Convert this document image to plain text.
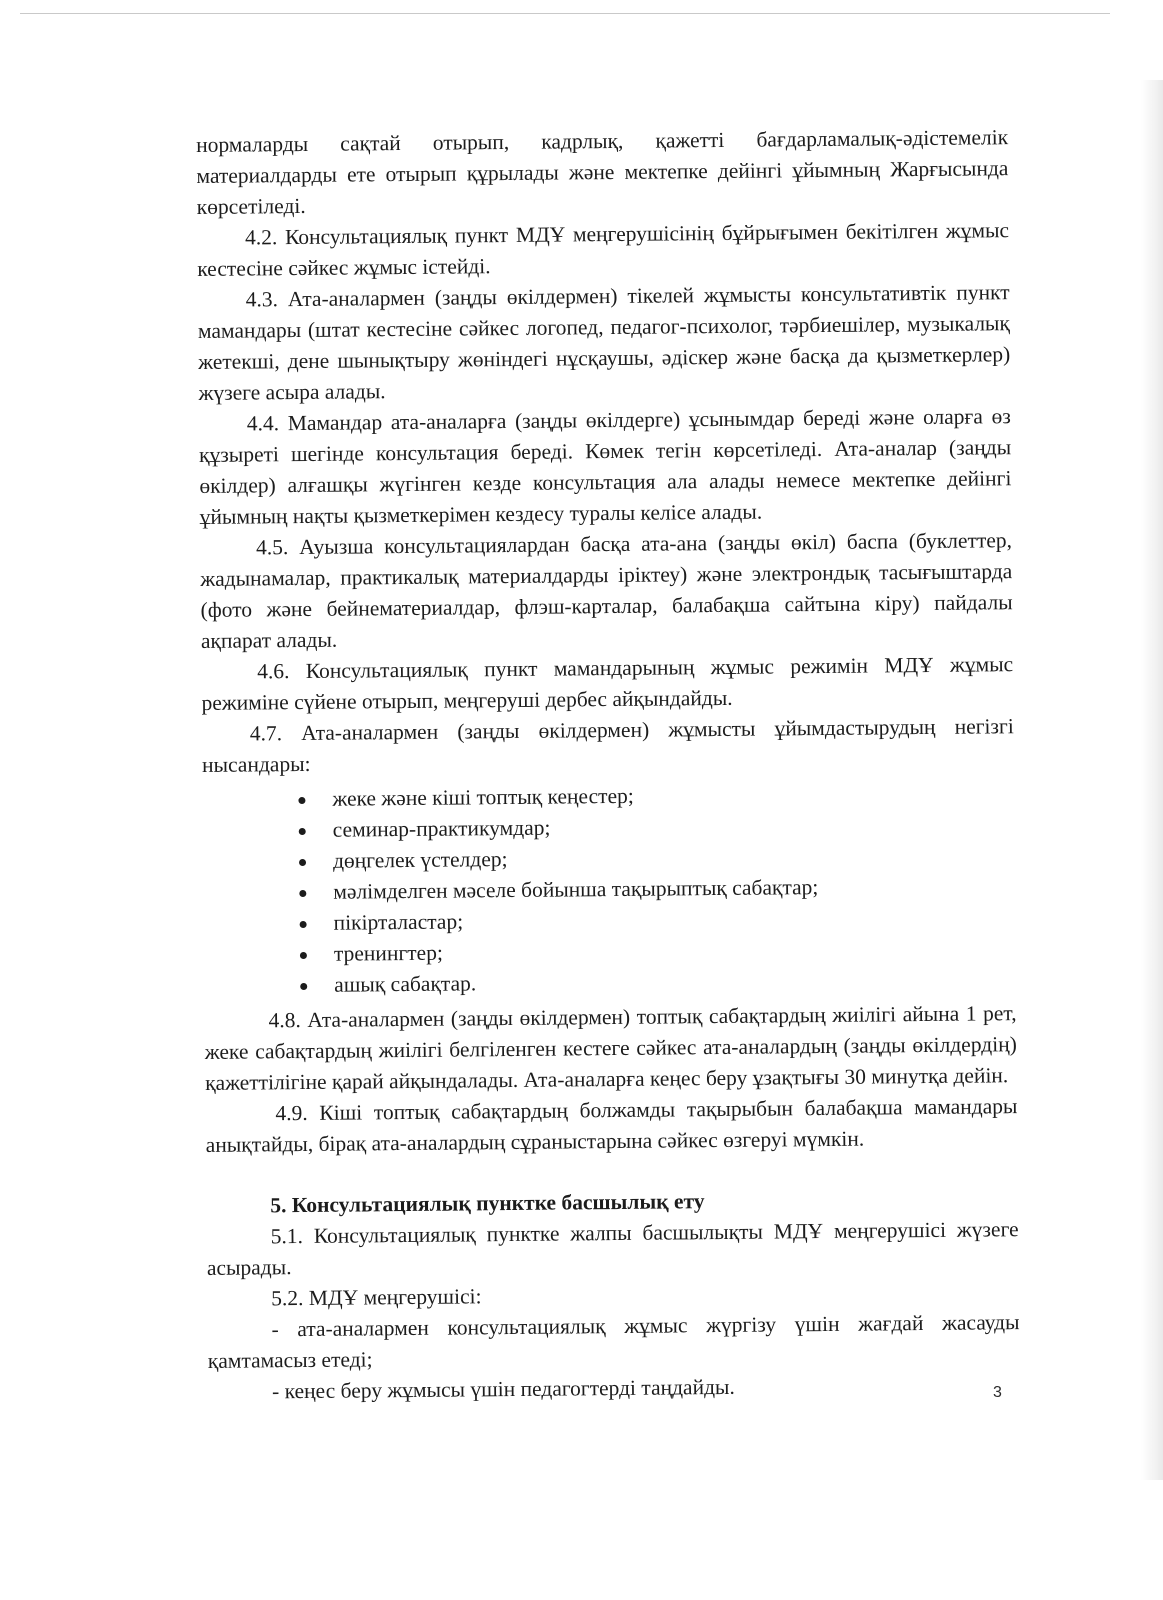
нормаларды сақтай отырып, кадрлық, қажетті бағдарламалық-әдістемелік материалдарды ете отырып құрылады және мектепке дейінгі ұйымның Жарғысында көрсетіледі.

4.2. Консультациялық пункт МДҰ меңгерушісінің бұйрығымен бекітілген жұмыс кестесіне сәйкес жұмыс істейді.

4.3. Ата-аналармен (заңды өкілдермен) тікелей жұмысты консультативтік пункт мамандары (штат кестесіне сәйкес логопед, педагог-психолог, тәрбиешілер, музыкалық жетекші, дене шынықтыру жөніндегі нұсқаушы, әдіскер және басқа да қызметкерлер) жүзеге асыра алады.

4.4. Мамандар ата-аналарға (заңды өкілдерге) ұсынымдар береді және оларға өз құзыреті шегінде консультация береді. Көмек тегін көрсетіледі. Ата-аналар (заңды өкілдер) алғашқы жүгінген кезде консультация ала алады немесе мектепке дейінгі ұйымның нақты қызметкерімен кездесу туралы келісе алады.

4.5. Ауызша консультациялардан басқа ата-ана (заңды өкіл) баспа (буклеттер, жадынамалар, практикалық материалдарды іріктеу) және электрондық тасығыштарда (фото және бейнематериалдар, флэш-карталар, балабақша сайтына кіру) пайдалы ақпарат алады.

4.6. Консультациялық пункт мамандарының жұмыс режимін МДҰ жұмыс режиміне сүйене отырып, меңгеруші дербес айқындайды.

4.7. Ата-аналармен (заңды өкілдермен) жұмысты ұйымдастырудың негізгі нысандары:

жеке және кіші топтық кеңестер;
семинар-практикумдар;
дөңгелек үстелдер;
мәлімделген мәселе бойынша тақырыптық сабақтар;
пікірталастар;
тренингтер;
ашық сабақтар.

4.8. Ата-аналармен (заңды өкілдермен) топтық сабақтардың жиілігі айына 1 рет, жеке сабақтардың жиілігі белгіленген кестеге сәйкес ата-аналардың (заңды өкілдердің) қажеттілігіне қарай айқындалады. Ата-аналарға кеңес беру ұзақтығы 30 минутқа дейін.

4.9. Кіші топтық сабақтардың болжамды тақырыбын балабақша мамандары анықтайды, бірақ ата-аналардың сұраныстарына сәйкес өзгеруі мүмкін.

5. Консультациялық пунктке басшылық ету

5.1. Консультациялық пунктке жалпы басшылықты МДҰ меңгерушісі жүзеге асырады.

5.2. МДҰ меңгерушісі:

- ата-аналармен консультациялық жұмыс жүргізу үшін жағдай жасауды қамтамасыз етеді;

- кеңес беру жұмысы үшін педагогтерді таңдайды.	3
